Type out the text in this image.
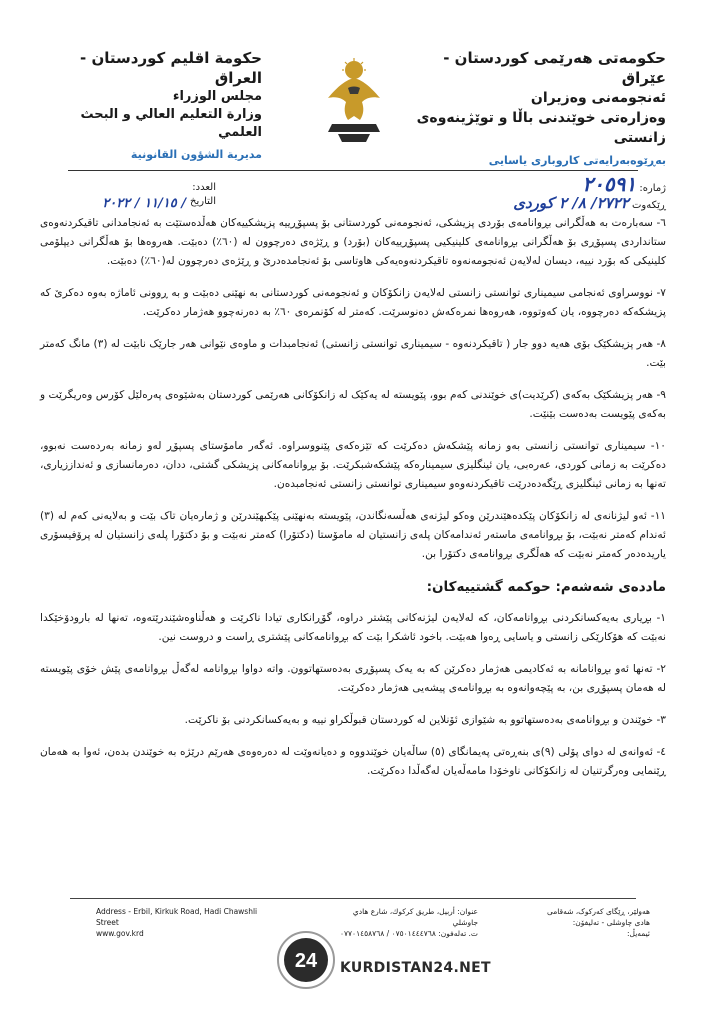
حکومەتی هەرێمی کوردستان - عێراق
ئەنجومەنی وەزیران
وەزارەتی خوێندنی باڵا و توێژینەوەی زانستی
بەڕێوەبەرایەتی کاروباری یاسایی
حكومة اقليم كوردستان - العراق
مجلس الوزراء
وزارة التعليم العالي و البحث العلمي
مديرية الشؤون القانونية
ژمارە: ٢٠٥٩١
ڕێکەوت ٢٧٢٢/ ٨/ ٢ کوردی
العدد:
التاريخ
/ ١١/١٥ / ٢٠٢٢

٦- سەبارەت بە هەڵگرانی بڕوانامەی بۆردی پزیشکی، ئەنجومەنی کوردستانی بۆ پسپۆڕییە پزیشکییەکان هەڵدەستێت بە ئەنجامدانی تاقیکردنەوەی ستانداردی پسپۆڕی بۆ هەڵگرانی بڕوانامەی کلینیکیی پسپۆڕییەکان (بۆرد) و ڕێژەی دەرچوون لە (٦٠٪) دەبێت. هەروەها بۆ هەڵگرانی دیپلۆمی کلینیکی کە بۆرد نییە، دیسان لەلایەن ئەنجومەنەوە تاقیکردنەوەیەکی هاوتاسی بۆ ئەنجامدەدرێ و ڕێژەی دەرچوون لە(٦٠٪) دەبێت.

٧- نووسراوی ئەنجامی سیمیناری توانستی زانستی لەلایەن زانکۆکان و ئەنجومەنی کوردستانی بە نهێنی دەبێت و بە ڕوونی ئاماژە بەوە دەکرێ کە پزیشکەکە دەرچووە، یان کەوتووە، هەروەها نمرەکەش دەنوسرێت. کەمتر لە کۆنمرەی ٦٠٪ بە دەرنەچوو هەژمار دەکرێت.

٨- هەر پزیشکێک بۆی هەیە دوو جار ( تاقیکردنەوە - سیمیناری توانستی زانستی) ئەنجامبدات و ماوەی نێوانی هەر جارێک نابێت لە (٣) مانگ کەمتر بێت.

٩- هەر پزیشکێک بەکەی (کرێدیت)ی خوێندنی کەم بوو، پێویستە لە یەکێک لە زانکۆکانی هەرێمی کوردستان بەشێوەی پەرەلێل کۆرس وەریگرێت و بەکەی پێویست بەدەست بێنێت.

١٠- سیمیناری توانستی زانستی بەو زمانە پێشکەش دەکرێت کە تێزەکەی پێنووسراوە. ئەگەر مامۆستای پسپۆڕ لەو زمانە بەردەست نەبوو، دەکرێت بە زمانی کوردی، عەرەبی، یان ئینگلیزی سیمینارەکە پێشکەشبکرێت. بۆ بڕوانامەکانی پزیشکی گشتی، ددان، دەرمانسازی و ئەنداززیاری، تەنها بە زمانی ئینگلیزی ڕێگەدەدرێت تاقیکردنەوەو سیمیناری توانستی زانستی ئەنجامبدەن.

١١- ئەو لیژنانەی لە زانکۆکان پێکدەهێندرێن وەکو لیژنەی هەڵسەنگاندن، پێویستە بەنهێنی پێکبهێندرێن و ژمارەیان تاک بێت و بەلایەنی کەم لە (٣) ئەندام کەمتر نەبێت، بۆ بڕوانامەی ماستەر ئەندامەکان پلەی زانستیان لە مامۆستا (دکتۆرا) کەمتر نەبێت و بۆ دکتۆرا پلەی زانستیان لە پرۆفیسۆری یاریدەدەر کەمتر نەبێت کە هەڵگری بڕوانامەی دکتۆرا بن.

ماددەی شەشەم: حوکمە گشتییەکان:

١- بڕیاری بەیەکسانکردنی بڕوانامەکان، کە لەلایەن لیژنەکانی پێشتر دراوە، گۆڕانکاری تیادا ناکرێت و هەڵناوەشێندرێتەوە، تەنها لە بارودۆخێکدا نەبێت کە هۆکارێکی زانستی و یاسایی ڕەوا هەبێت. باخود ئاشکرا بێت کە بڕوانامەکانی پێشتری ڕاست و دروست نین.

٢- تەنها ئەو بڕوانامانە بە ئەکادیمی هەژمار دەکرێن کە بە یەک پسپۆڕی بەدەستهاتوون. واتە دواوا بڕوانامە لەگەڵ بڕوانامەی پێش خۆی پێویستە لە هەمان پسپۆڕی بن، بە پێچەوانەوە بە بڕوانامەی پیشەیی هەژمار دەکرێت.

٣- خوێندن و بڕوانامەی بەدەستهاتوو بە شێوازی ئۆنلاین لە کوردستان قبوڵکراو نییە و بەیەکسانکردنی بۆ ناکرێت.

٤- ئەوانەی لە دوای پۆلی (٩)ی بنەڕەتی پەیمانگای (٥) ساڵەیان خوێندووە و دەیانەوێت لە دەرەوەی هەرێم درێژە بە خوێندن بدەن، ئەوا بە هەمان ڕێنمایی وەرگرتنیان لە زانکۆکانی ناوخۆدا مامەڵەیان لەگەڵدا دەکرێت.

Address - Erbil, Kirkuk Road, Hadi Chawshli Street
www.gov.krd
عنوان: أربيل، طريق كركوك، شارع هادي جاوشلي
ت. تەلەفون: ٠٧٥٠١٤٤٤٧٦٨ / ٠٧٧٠١٤٥٨٧٦٨
هەولێر، ڕێگای کەرکوک، شەقامی هادی چاوشلی - تەلیفۆن:
ئیمەیڵ:
24 KURDISTAN24.NET
